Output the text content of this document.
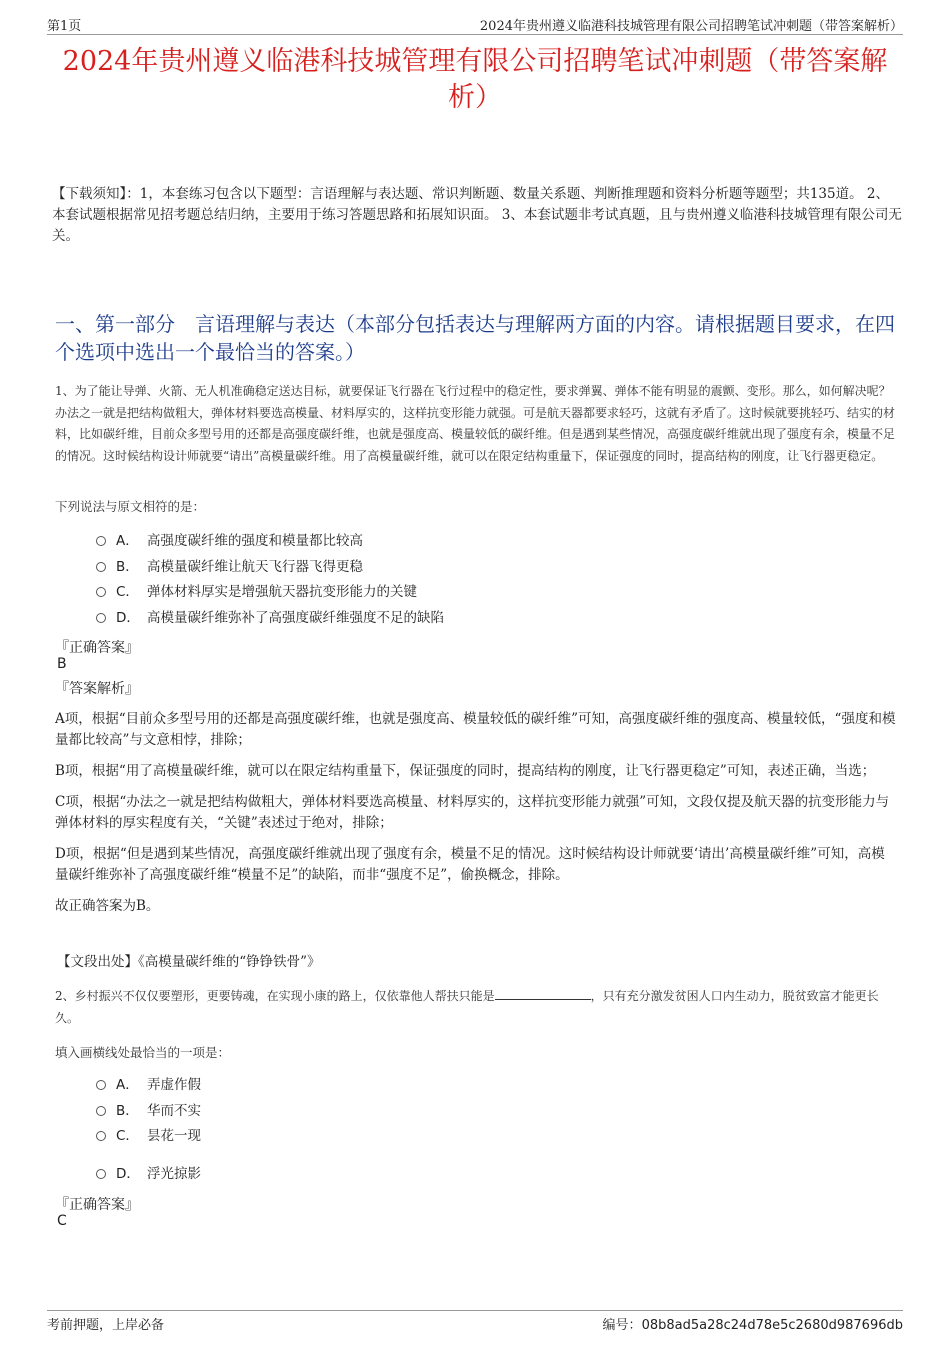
第1页	2024年贵州遵义临港科技城管理有限公司招聘笔试冲刺题（带答案解析）
2024年贵州遵义临港科技城管理有限公司招聘笔试冲刺题（带答案解析）
【下载须知】：1，本套练习包含以下题型：言语理解与表达题、常识判断题、数量关系题、判断推理题和资料分析题等题型；共135道。 2、本套试题根据常见招考题总结归纳，主要用于练习答题思路和拓展知识面。 3、本套试题非考试真题，且与贵州遵义临港科技城管理有限公司无关。
一、第一部分　言语理解与表达（本部分包括表达与理解两方面的内容。请根据题目要求，在四个选项中选出一个最恰当的答案。）
1、为了能让导弹、火箭、无人机准确稳定送达目标，就要保证飞行器在飞行过程中的稳定性，要求弹翼、弹体不能有明显的震颤、变形。那么，如何解决呢？办法之一就是把结构做粗大，弹体材料要选高模量、材料厚实的，这样抗变形能力就强。可是航天器都要求轻巧，这就有矛盾了。这时候就要挑轻巧、结实的材料，比如碳纤维，目前众多型号用的还都是高强度碳纤维，也就是强度高、模量较低的碳纤维。但是遇到某些情况，高强度碳纤维就出现了强度有余，模量不足的情况。这时候结构设计师就要“请出”高模量碳纤维。用了高模量碳纤维，就可以在限定结构重量下，保证强度的同时，提高结构的刚度，让飞行器更稳定。
下列说法与原文相符的是：
A． 高强度碳纤维的强度和模量都比较高
B． 高模量碳纤维让航天飞行器飞得更稳
C． 弹体材料厚实是增强航天器抗变形能力的关键
D． 高模量碳纤维弥补了高强度碳纤维强度不足的缺陷
『正确答案』
B
『答案解析』

A项，根据“目前众多型号用的还都是高强度碳纤维，也就是强度高、模量较低的碳纤维”可知，高强度碳纤维的强度高、模量较低，“强度和模量都比较高”与文意相悖，排除；

B项，根据“用了高模量碳纤维，就可以在限定结构重量下，保证强度的同时，提高结构的刚度，让飞行器更稳定”可知，表述正确，当选；

C项，根据“办法之一就是把结构做粗大，弹体材料要选高模量、材料厚实的，这样抗变形能力就强”可知，文段仅提及航天器的抗变形能力与弹体材料的厚实程度有关，“关键”表述过于绝对，排除；

D项，根据“但是遇到某些情况，高强度碳纤维就出现了强度有余，模量不足的情况。这时候结构设计师就要‘请出’高模量碳纤维”可知，高模量碳纤维弥补了高强度碳纤维“模量不足”的缺陷，而非“强度不足”，偷换概念，排除。

故正确答案为B。

【文段出处】《高模量碳纤维的“铮铮铁骨”》
2、乡村振兴不仅仅要塑形，更要铸魂，在实现小康的路上，仅依靠他人帮扶只能是	，只有充分激发贫困人口内生动力，脱贫致富才能更长久。
填入画横线处最恰当的一项是：
A． 弄虚作假
B． 华而不实
C． 昙花一现
D． 浮光掠影
『正确答案』
C
考前押题，上岸必备	编号：08b8ad5a28c24d78e5c2680d987696db
